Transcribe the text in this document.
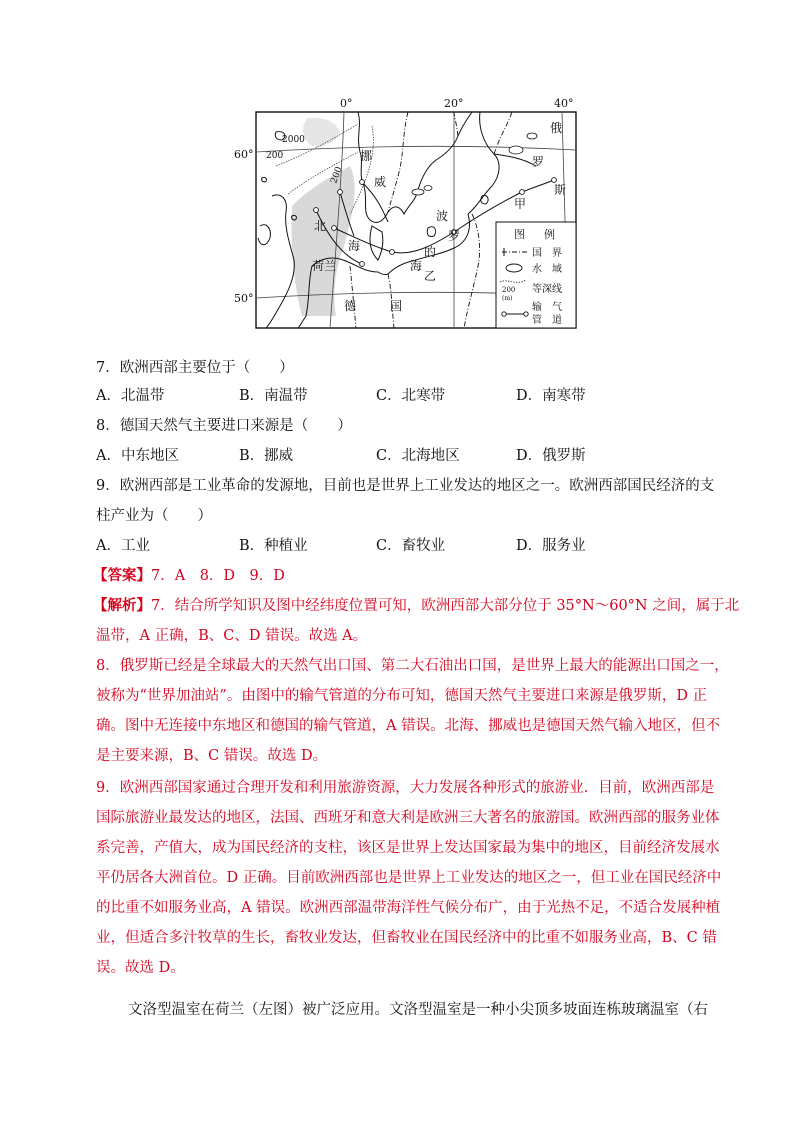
0°	20°	40°
60°
50°
2000
200
200
挪
威
北
海
荷兰
德	国
波
罗
的
海
乙
俄
罗
斯
甲
图 例
国　界
水　域
200
(m)
等深线
输　气
管　道
7．欧洲西部主要位于（　　）
A．北温带	B．南温带	C．北寒带	D．南寒带
8．德国天然气主要进口来源是（　　）
A．中东地区	B．挪威	C．北海地区	D．俄罗斯
9．欧洲西部是工业革命的发源地，目前也是世界上工业发达的地区之一。欧洲西部国民经济的支
柱产业为（　　）
A．工业	B．种植业	C．畜牧业	D．服务业
【答案】7．A　8．D　9．D
【解析】7．结合所学知识及图中经纬度位置可知，欧洲西部大部分位于 35°N～60°N 之间，属于北
温带，A 正确，B、C、D 错误。故选 A。
8．俄罗斯已经是全球最大的天然气出口国、第二大石油出口国，是世界上最大的能源出口国之一，
被称为“世界加油站”。由图中的输气管道的分布可知，德国天然气主要进口来源是俄罗斯，D 正
确。图中无连接中东地区和德国的输气管道，A 错误。北海、挪威也是德国天然气输入地区，但不
是主要来源，B、C 错误。故选 D。
9．欧洲西部国家通过合理开发和利用旅游资源，大力发展各种形式的旅游业．目前，欧洲西部是
国际旅游业最发达的地区，法国、西班牙和意大利是欧洲三大著名的旅游国。欧洲西部的服务业体
系完善，产值大，成为国民经济的支柱，该区是世界上发达国家最为集中的地区，目前经济发展水
平仍居各大洲首位。D 正确。目前欧洲西部也是世界上工业发达的地区之一，但工业在国民经济中
的比重不如服务业高，A 错误。欧洲西部温带海洋性气候分布广，由于光热不足，不适合发展种植
业，但适合多汁牧草的生长，畜牧业发达，但畜牧业在国民经济中的比重不如服务业高，B、C 错
误。故选 D。
文洛型温室在荷兰（左图）被广泛应用。文洛型温室是一种小尖顶多坡面连栋玻璃温室（右
